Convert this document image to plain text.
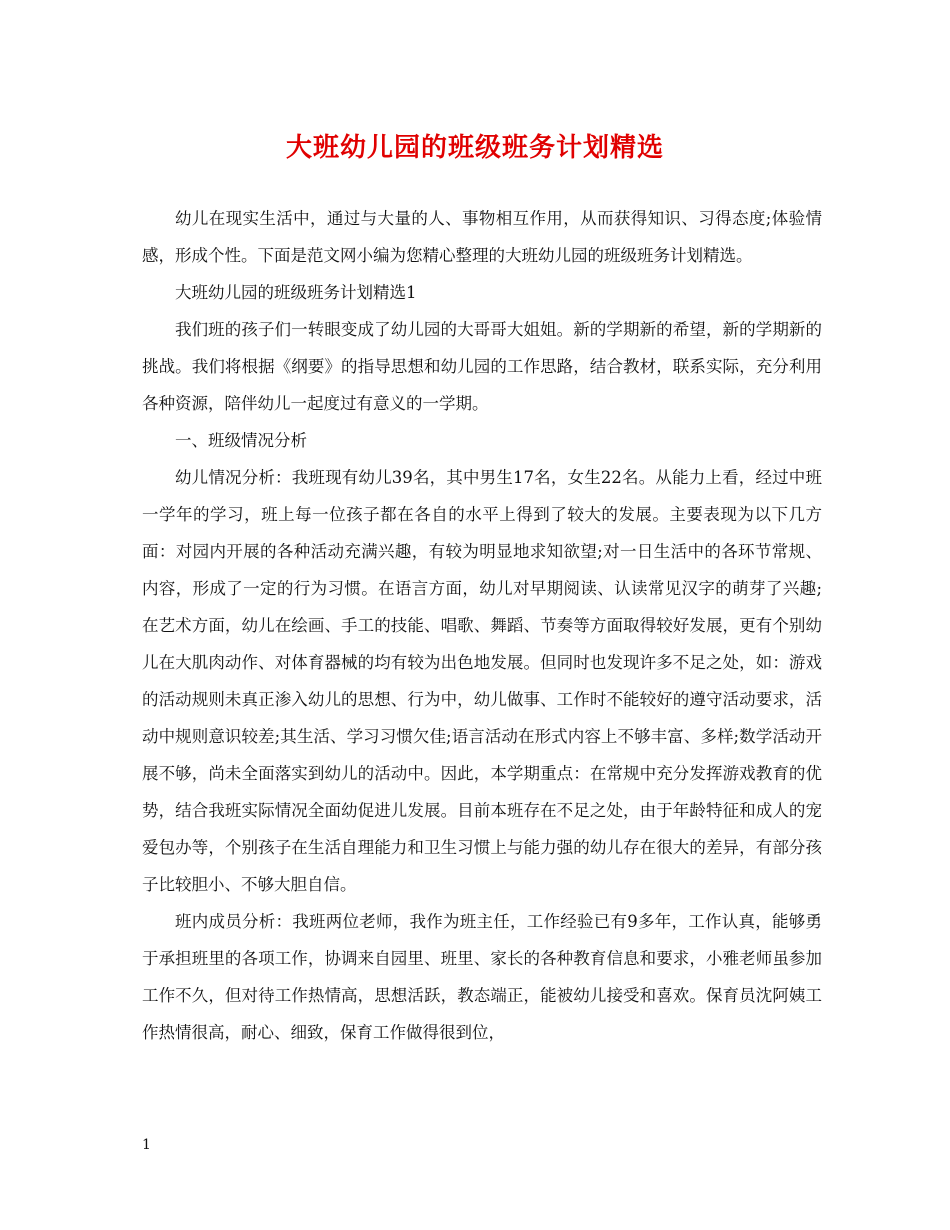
大班幼儿园的班级班务计划精选

幼儿在现实生活中，通过与大量的人、事物相互作用，从而获得知识、习得态度;体验情感，形成个性。下面是范文网小编为您精心整理的大班幼儿园的班级班务计划精选。

大班幼儿园的班级班务计划精选1

我们班的孩子们一转眼变成了幼儿园的大哥哥大姐姐。新的学期新的希望，新的学期新的挑战。我们将根据《纲要》的指导思想和幼儿园的工作思路，结合教材，联系实际，充分利用各种资源，陪伴幼儿一起度过有意义的一学期。

一、班级情况分析

幼儿情况分析：我班现有幼儿39名，其中男生17名，女生22名。从能力上看，经过中班一学年的学习，班上每一位孩子都在各自的水平上得到了较大的发展。主要表现为以下几方面：对园内开展的各种活动充满兴趣，有较为明显地求知欲望;对一日生活中的各环节常规、内容，形成了一定的行为习惯。在语言方面，幼儿对早期阅读、认读常见汉字的萌芽了兴趣;在艺术方面，幼儿在绘画、手工的技能、唱歌、舞蹈、节奏等方面取得较好发展，更有个别幼儿在大肌肉动作、对体育器械的均有较为出色地发展。但同时也发现许多不足之处，如：游戏的活动规则未真正渗入幼儿的思想、行为中，幼儿做事、工作时不能较好的遵守活动要求，活动中规则意识较差;其生活、学习习惯欠佳;语言活动在形式内容上不够丰富、多样;数学活动开展不够，尚未全面落实到幼儿的活动中。因此，本学期重点：在常规中充分发挥游戏教育的优势，结合我班实际情况全面幼促进儿发展。目前本班存在不足之处，由于年龄特征和成人的宠爱包办等，个别孩子在生活自理能力和卫生习惯上与能力强的幼儿存在很大的差异，有部分孩子比较胆小、不够大胆自信。

班内成员分析：我班两位老师，我作为班主任，工作经验已有9多年，工作认真，能够勇于承担班里的各项工作，协调来自园里、班里、家长的各种教育信息和要求，小雅老师虽参加工作不久，但对待工作热情高，思想活跃，教态端正，能被幼儿接受和喜欢。保育员沈阿姨工作热情很高，耐心、细致，保育工作做得很到位，

1
